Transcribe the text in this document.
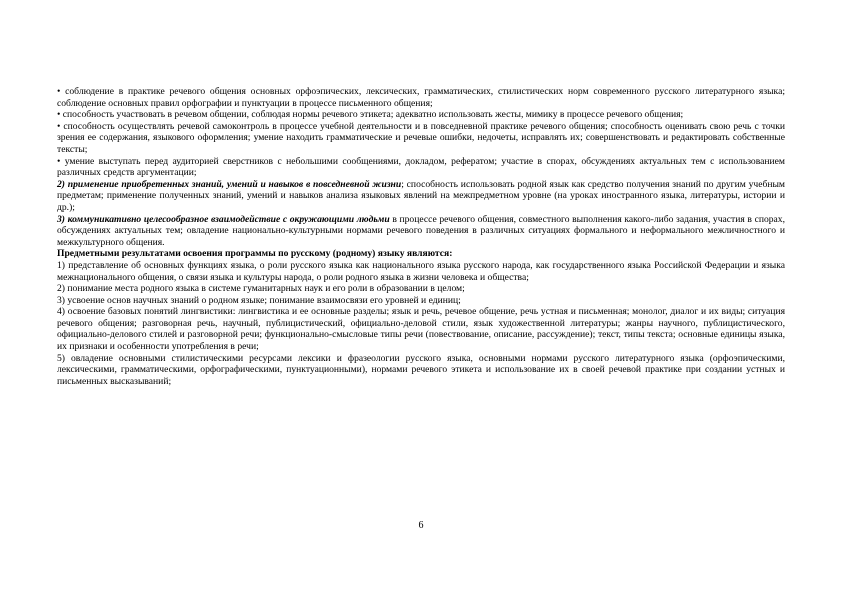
• соблюдение в практике речевого общения основных орфоэпических, лексических, грамматических, стилистических норм современного русского литературного языка; соблюдение основных правил орфографии и пунктуации в процессе письменного общения;

• способность участвовать в речевом общении, соблюдая нормы речевого этикета; адекватно использовать жесты, мимику в процессе речевого общения;

• способность осуществлять речевой самоконтроль в процессе учебной деятельности и в повседневной практике речевого общения; способность оценивать свою речь с точки зрения ее содержания, языкового оформления; умение находить грамматические и речевые ошибки, недочеты, исправлять их; совершенствовать и редактировать собственные тексты;

• умение выступать перед аудиторией сверстников с небольшими сообщениями, докладом, рефератом; участие в спорах, обсуждениях актуальных тем с использованием различных средств аргументации;

2) применение приобретенных знаний, умений и навыков в повседневной жизни; способность использовать родной язык как средство получения знаний по другим учебным предметам; применение полученных знаний, умений и навыков анализа языковых явлений на межпредметном уровне (на уроках иностранного языка, литературы, истории и др.);

3) коммуникативно целесообразное взаимодействие с окружающими людьми в процессе речевого общения, совместного выполнения какого-либо задания, участия в спорах, обсуждениях актуальных тем; овладение национально-культурными нормами речевого поведения в различных ситуациях формального и неформального межличностного и межкультурного общения.

Предметными результатами освоения программы по русскому (родному) языку являются:

1) представление об основных функциях языка, о роли русского языка как национального языка русского народа, как государственного языка Российской Федерации и языка межнационального общения, о связи языка и культуры народа, о роли родного языка в жизни человека и общества;

2) понимание места родного языка в системе гуманитарных наук и его роли в образовании в целом;

3) усвоение основ научных знаний о родном языке; понимание взаимосвязи его уровней и единиц;

4) освоение базовых понятий лингвистики: лингвистика и ее основные разделы; язык и речь, речевое общение, речь устная и письменная; монолог, диалог и их виды; ситуация речевого общения; разговорная речь, научный, публицистический, официально-деловой стили, язык художественной литературы; жанры научного, публицистического, официально-делового стилей и разговорной речи; функционально-смысловые типы речи (повествование, описание, рассуждение); текст, типы текста; основные единицы языка, их признаки и особенности употребления в речи;

5) овладение основными стилистическими ресурсами лексики и фразеологии русского языка, основными нормами русского литературного языка (орфоэпическими, лексическими, грамматическими, орфографическими, пунктуационными), нормами речевого этикета и использование их в своей речевой практике при создании устных и письменных высказываний;

6
